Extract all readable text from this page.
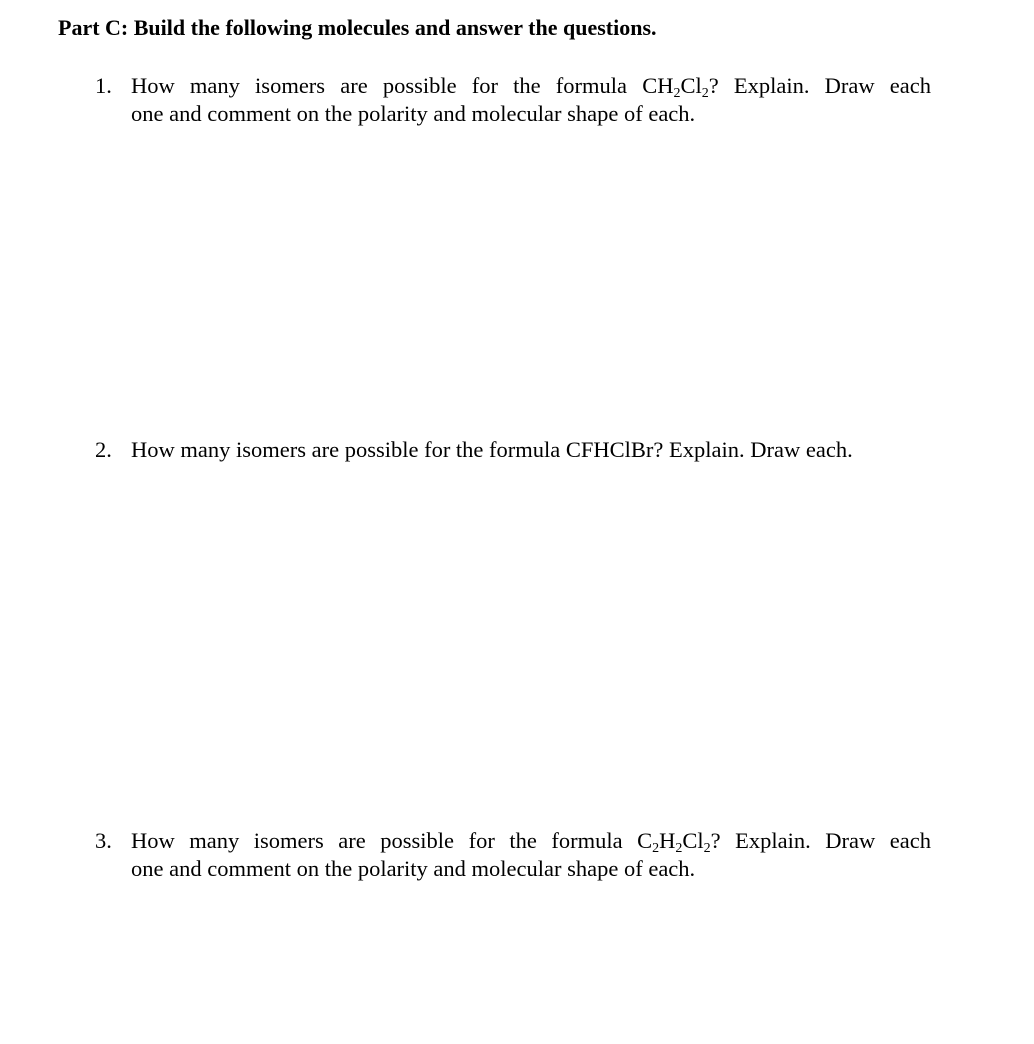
Part C: Build the following molecules and answer the questions.
1. How many isomers are possible for the formula $CH_2Cl_2$? Explain. Draw each
one and comment on the polarity and molecular shape of each.
2. How many isomers are possible for the formula CFHClBr? Explain. Draw each.
3. How many isomers are possible for the formula $C_2H_2Cl_2$? Explain. Draw each
one and comment on the polarity and molecular shape of each.
